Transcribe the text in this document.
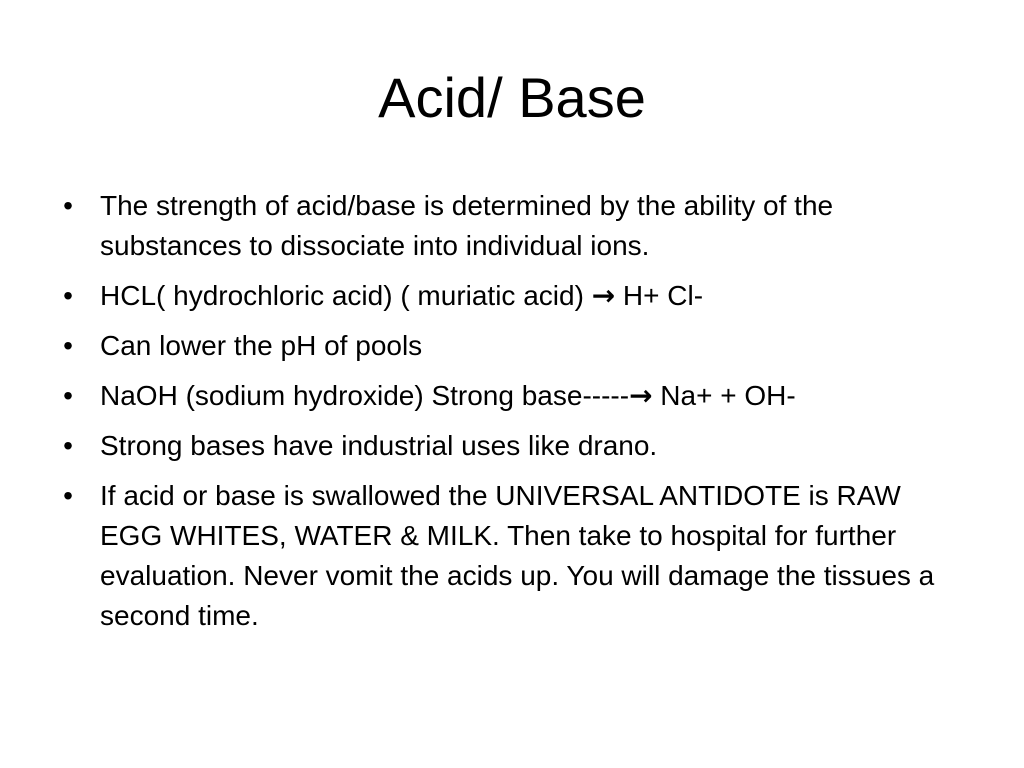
Acid/ Base
• The strength of acid/base is determined by the ability of the substances to dissociate into individual ions.
• HCL( hydrochloric acid) ( muriatic acid) → H+ Cl-
• Can lower the pH of pools
• NaOH (sodium hydroxide) Strong base-----→ Na+ + OH-
• Strong bases have industrial uses like drano.
• If acid or base is swallowed the UNIVERSAL ANTIDOTE is RAW EGG WHITES, WATER & MILK. Then take to hospital for further evaluation. Never vomit the acids up. You will damage the tissues a second time.
